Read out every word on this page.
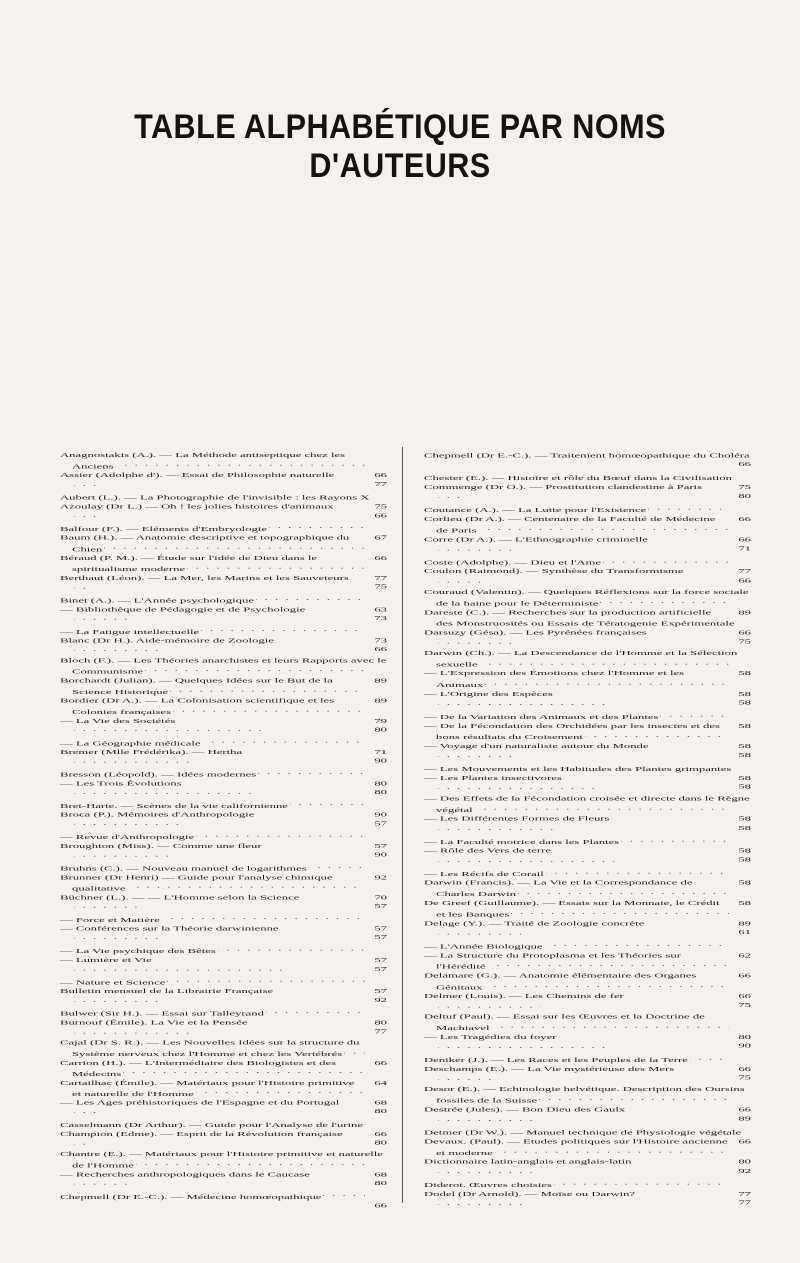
TABLE ALPHABÉTIQUE PAR NOMS D'AUTEURS
Anagnostakis (A.). — La Méthode antiseptique chez les Anciens. . .
66
Assier (Adolphe d'). — Essai de Philosophie naturelle. . .
77
Aubert (L.). — La Photographie de l'invisible : les Rayons X
75
Azoulay (Dr L.) — Oh ! les jolies histoires d'animaux. . .
66
Balfour (F.). — Eléments d'Embryologie. . .
67
Baum (H.). — Anatomie descriptive et topographique du Chien. . .
66
Béraud (P. M.). — Étude sur l'idée de Dieu dans le spiritualisme moderne. . .
77
Berthaut (Léon). — La Mer, les Marins et les Sauveteurs. . .
75
Binet (A.). — L'Année psychologique. . .
63
— Bibliothèque de Pédagogie et de Psychologie. . .
73
— La Fatigue intellectuelle. . .
73
Blanc (Dr H.). Aide-mémoire de Zoologie. . .
66
Bloch (F.). — Les Théories anarchistes et leurs Rapports avec le Communisme. . .
89
Borchardt (Julian). — Quelques Idées sur le But de la Science Historique. . .
89
Bordier (Dr A.). — La Colonisation scientifique et les Colonies françaises. . .
79
— La Vie des Sociétés. . .
80
— La Géographie médicale. . .
71
Bremer (Mlle Frédérika). — Hertha. . .
90
Bresson (Léopold). — Idées modernes. . .
80
— Les Trois Évolutions. . .
80
Bret-Harte. — Scènes de la vie californienne. . .
90
Broca (P.). Mémoires d'Anthropologie. . .
57
— Revue d'Anthropologie. . .
57
Broughton (Miss). — Comme une fleur. . .
90
Bruhns (C.). — Nouveau manuel de logarithmes. . .
92
Brunner (Dr Henri) — Guide pour l'analyse chimique qualitative. . .
70
Büchner (L.). — — L'Homme selon la Science. . .
57
— Force et Matière. . .
57
— Conférences sur la Théorie darwinienne. . .
57
— La Vie psychique des Bêtes. . .
57
— Lumière et Vie. . .
57
— Nature et Science. . .
57
Bulletin mensuel de la Librairie Française. . .
92
Bulwer (Sir H.). — Essai sur Talleyrand. . .
80
Burnouf (Émile). La Vie et la Pensée. . .
77
Cajal (Dr S. R.). — Les Nouvelles Idées sur la structure du Système nerveux chez l'Homme et chez les Vertébrés. . .
66
Carrion (H.). — L'Intermédiaire des Biologistes et des Médecins. . .
64
Cartailhac (Émile). — Matériaux pour l'Histoire primitive et naturelle de l'Homme. . .
68
— Les Ages préhistoriques de l'Espagne et du Portugal. . .
80
Casselmann (Dr Arthur). — Guide pour l'Analyse de l'urine
66
Champion (Edme). — Esprit de la Révolution française. . .
80
Chantre (E.). — Matériaux pour l'Histoire primitive et naturelle de l'Homme. . .
68
— Recherches anthropologiques dans le Caucase. . .
80
Chepmell (Dr E.-C.). — Médecine homœopathique. . .
66
Chepmell (Dr E.-C.). — Traitement homœopathique du Choléra
66
Chester (E.). — Histoire et rôle du Bœuf dans la Civilisation
75
Commenge (Dr O.). — Prostitution clandestine à Paris. . .
80
Coutance (A.). — La Lutte pour l'Existence. . .
66
Corlieu (Dr A.). — Centenaire de la Faculté de Médecine de Paris. . .
66
Corre (Dr A.). — L'Ethnographie criminelle. . .
71
Coste (Adolphe). — Dieu et l'Ame. . .
77
Coulon (Raimond). — Synthèse du Transformisme. . .
66
Couraud (Valentin). — Quelques Réflexions sur la force sociale de la haine pour le Déterministe. . .
89
Dareste (C.). — Recherches sur la production artificielle des Monstruosités ou Essais de Tératogenie Expérimentale
66
Darsuzy (Gésa). — Les Pyrénées françaises. . .
75
Darwin (Ch.). — La Descendance de l'Homme et la Sélection sexuelle. . .
58
— L'Expression des Émotions chez l'Homme et les Animaux. . .
58
— L'Origine des Espèces. . .
58
— De la Variation des Animaux et des Plantes. . .
58
— De la Fécondation des Orchidées par les insectes et des bons résultats du Croisement. . .
58
— Voyage d'un naturaliste autour du Monde. . .
58
— Les Mouvements et les Habitudes des Plantes grimpantes
58
— Les Plantes insectivores. . .
58
— Des Effets de la Fécondation croisée et directe dans le Règne végétal. . .
58
— Les Différentes Formes de Fleurs. . .
58
— La Faculté motrice dans les Plantes. . .
58
— Rôle des Vers de terre. . .
58
— Les Récifs de Corail. . .
58
Darwin (Francis). — La Vie et la Correspondance de Charles Darwin. . .
58
De Greef (Guillaume). — Essais sur la Monnaie, le Crédit et les Banques. . .
89
Delage (Y.). — Traité de Zoologie concrète. . .
61
— L'Année Biologique. . .
62
— La Structure du Protoplasma et les Théories sur l'Hérédité. . .
66
Delamare (G.). — Anatomie élémentaire des Organes Génitaux. . .
66
Delmer (Louis). — Les Chemins de fer. . .
75
Deltuf (Paul). — Essai sur les Œuvres et la Doctrine de Machiavel. . .
80
— Les Tragédies du foyer. . .
90
Deniker (J.). — Les Races et les Peuples de la Terre. . .
66
Deschamps (E.). — La Vie mystérieuse des Mers. . .
75
Desor (E.). — Echinologie helvétique. Description des Oursins fossiles de la Suisse. . .
66
Destrée (Jules). — Bon Dieu des Gaulx. . .
89
Detmer (Dr W.). — Manuel technique de Physiologie végétale
66
Devaux. (Paul). — Etudes politiques sur l'Histoire ancienne et moderne. . .
80
Dictionnaire latin-anglais et anglais-latin. . .
92
Diderot. Œuvres choisies. . .
77
Dodel (Dr Arnold). — Moïse ou Darwin?. . .
77
